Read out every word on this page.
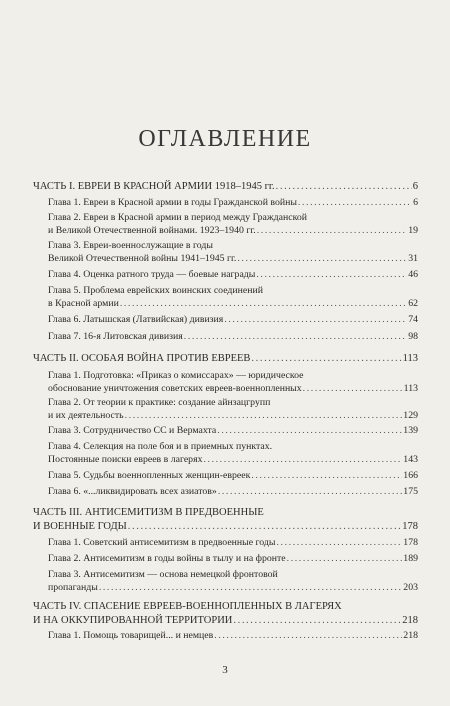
ОГЛАВЛЕНИЕ
ЧАСТЬ I. ЕВРЕИ В КРАСНОЙ АРМИИ 1918–1945 гг. .....	6
Глава 1. Евреи в Красной армии в годы Гражданской войны .....	6
Глава 2. Евреи в Красной армии в период между Гражданской
и Великой Отечественной войнами. 1923–1940 гг. .....	19
Глава 3. Евреи-военнослужащие в годы
Великой Отечественной войны 1941–1945 гг. .....	31
Глава 4. Оценка ратного труда — боевые награды .....	46
Глава 5. Проблема еврейских воинских соединений
в Красной армии .....	62
Глава 6. Латышская (Латвийская) дивизия .....	74
Глава 7. 16-я Литовская дивизия .....	98
ЧАСТЬ II. ОСОБАЯ ВОЙНА ПРОТИВ ЕВРЕЕВ .....	113
Глава 1. Подготовка: «Приказ о комиссарах» — юридическое
обоснование уничтожения советских евреев-военнопленных .....	113
Глава 2. От теории к практике: создание айнзацгрупп
и их деятельность .....	129
Глава 3. Сотрудничество СС и Вермахта .....	139
Глава 4. Селекция на поле боя и в приемных пунктах.
Постоянные поиски евреев в лагерях .....	143
Глава 5. Судьбы военнопленных женщин-евреек .....	166
Глава 6. «...ликвидировать всех азиатов» .....	175
ЧАСТЬ III. АНТИСЕМИТИЗМ В ПРЕДВОЕННЫЕ
И ВОЕННЫЕ ГОДЫ .....	178
Глава 1. Советский антисемитизм в предвоенные годы .....	178
Глава 2. Антисемитизм в годы войны в тылу и на фронте .....	189
Глава 3. Антисемитизм — основа немецкой фронтовой
пропаганды .....	203
ЧАСТЬ IV. СПАСЕНИЕ ЕВРЕЕВ-ВОЕННОПЛЕННЫХ В ЛАГЕРЯХ
И НА ОККУПИРОВАННОЙ ТЕРРИТОРИИ .....	218
Глава 1. Помощь товарищей... и немцев .....	218
3
